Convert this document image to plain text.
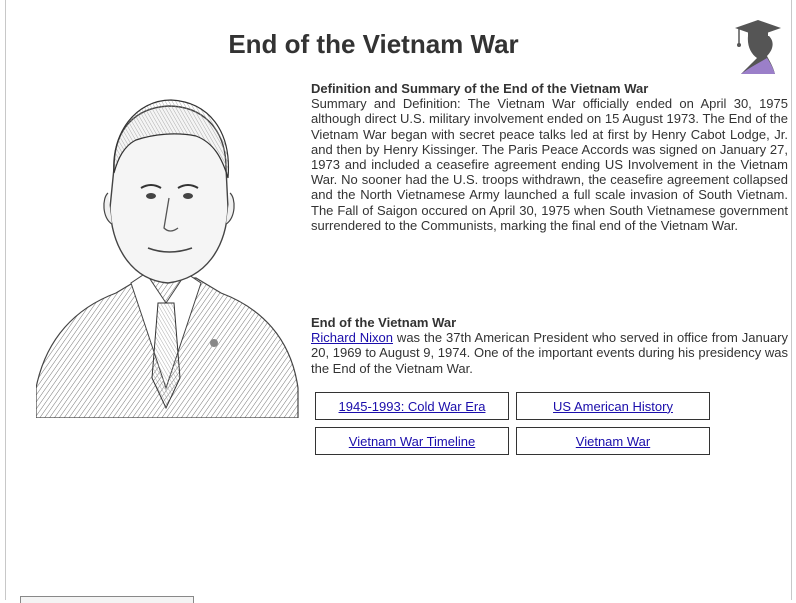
End of the Vietnam War
Definition and Summary of the End of the Vietnam War

Summary and Definition: The Vietnam War officially ended on April 30, 1975 although direct U.S. military involvement ended on 15 August 1973. The End of the Vietnam War began with secret peace talks led at first by Henry Cabot Lodge, Jr. and then by Henry Kissinger. The Paris Peace Accords was signed on January 27, 1973 and included a ceasefire agreement ending US Involvement in the Vietnam War. No sooner had the U.S. troops withdrawn, the ceasefire agreement collapsed and the North Vietnamese Army launched a full scale invasion of South Vietnam. The Fall of Saigon occured on April 30, 1975 when South Vietnamese government surrendered to the Communists, marking the final end of the Vietnam War.

End of the Vietnam War

Richard Nixon was the 37th American President who served in office from January 20, 1969 to August 9, 1974. One of the important events during his presidency was the End of the Vietnam War.

1945-1993: Cold War Era	US American History
Vietnam War Timeline	Vietnam War
